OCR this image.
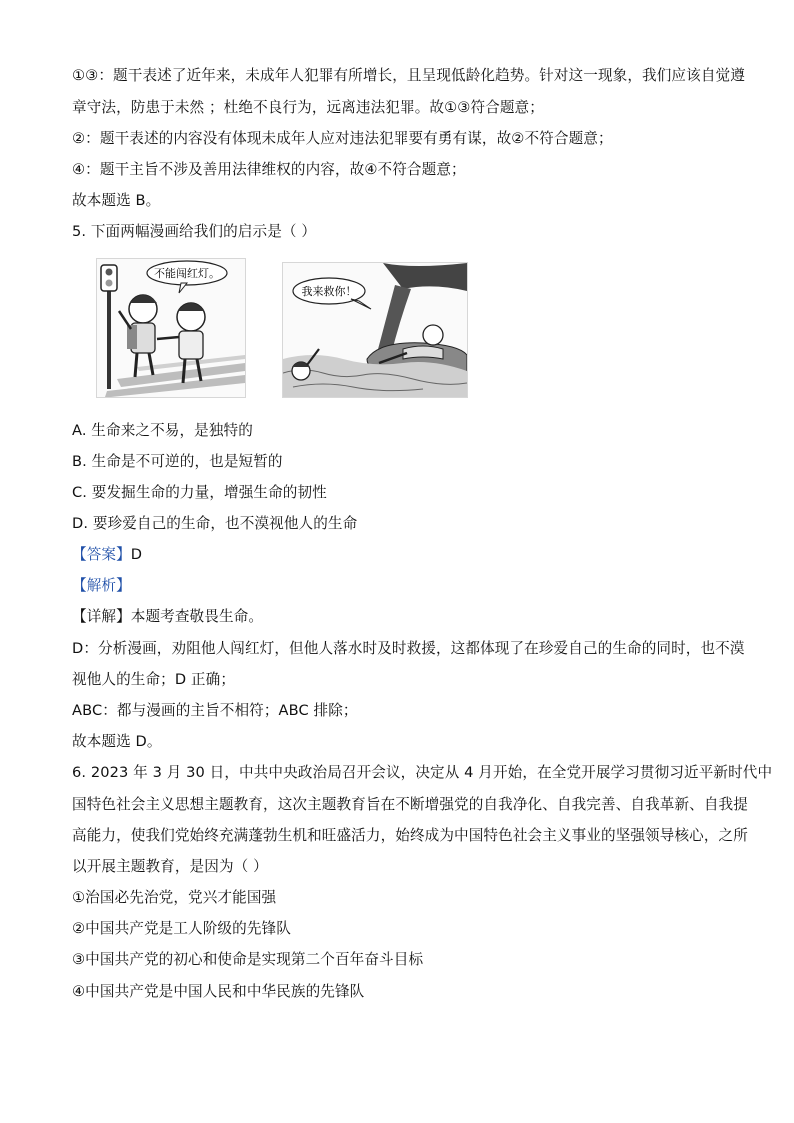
①③：题干表述了近年来，未成年人犯罪有所增长，且呈现低龄化趋势。针对这一现象，我们应该自觉遵
章守法，防患于未然 ；杜绝不良行为，远离违法犯罪。故①③符合题意；
②：题干表述的内容没有体现未成年人应对违法犯罪要有勇有谋，故②不符合题意；
④：题干主旨不涉及善用法律维权的内容，故④不符合题意；
故本题选 B。
5. 下面两幅漫画给我们的启示是（ ）
不能闯红灯。
我来救你！
A. 生命来之不易，是独特的
B. 生命是不可逆的，也是短暂的
C. 要发掘生命的力量，增强生命的韧性
D. 要珍爱自己的生命，也不漠视他人的生命
【答案】D
【解析】
【详解】本题考查敬畏生命。
D：分析漫画，劝阻他人闯红灯，但他人落水时及时救援，这都体现了在珍爱自己的生命的同时，也不漠
视他人的生命；D 正确；
ABC：都与漫画的主旨不相符；ABC 排除；
故本题选 D。
6. 2023 年 3 月 30 日，中共中央政治局召开会议，决定从 4 月开始，在全党开展学习贯彻习近平新时代中
国特色社会主义思想主题教育，这次主题教育旨在不断增强党的自我净化、自我完善、自我革新、自我提
高能力，使我们党始终充满蓬勃生机和旺盛活力，始终成为中国特色社会主义事业的坚强领导核心，之所
以开展主题教育，是因为（ ）
①治国必先治党，党兴才能国强
②中国共产党是工人阶级的先锋队
③中国共产党的初心和使命是实现第二个百年奋斗目标
④中国共产党是中国人民和中华民族的先锋队
